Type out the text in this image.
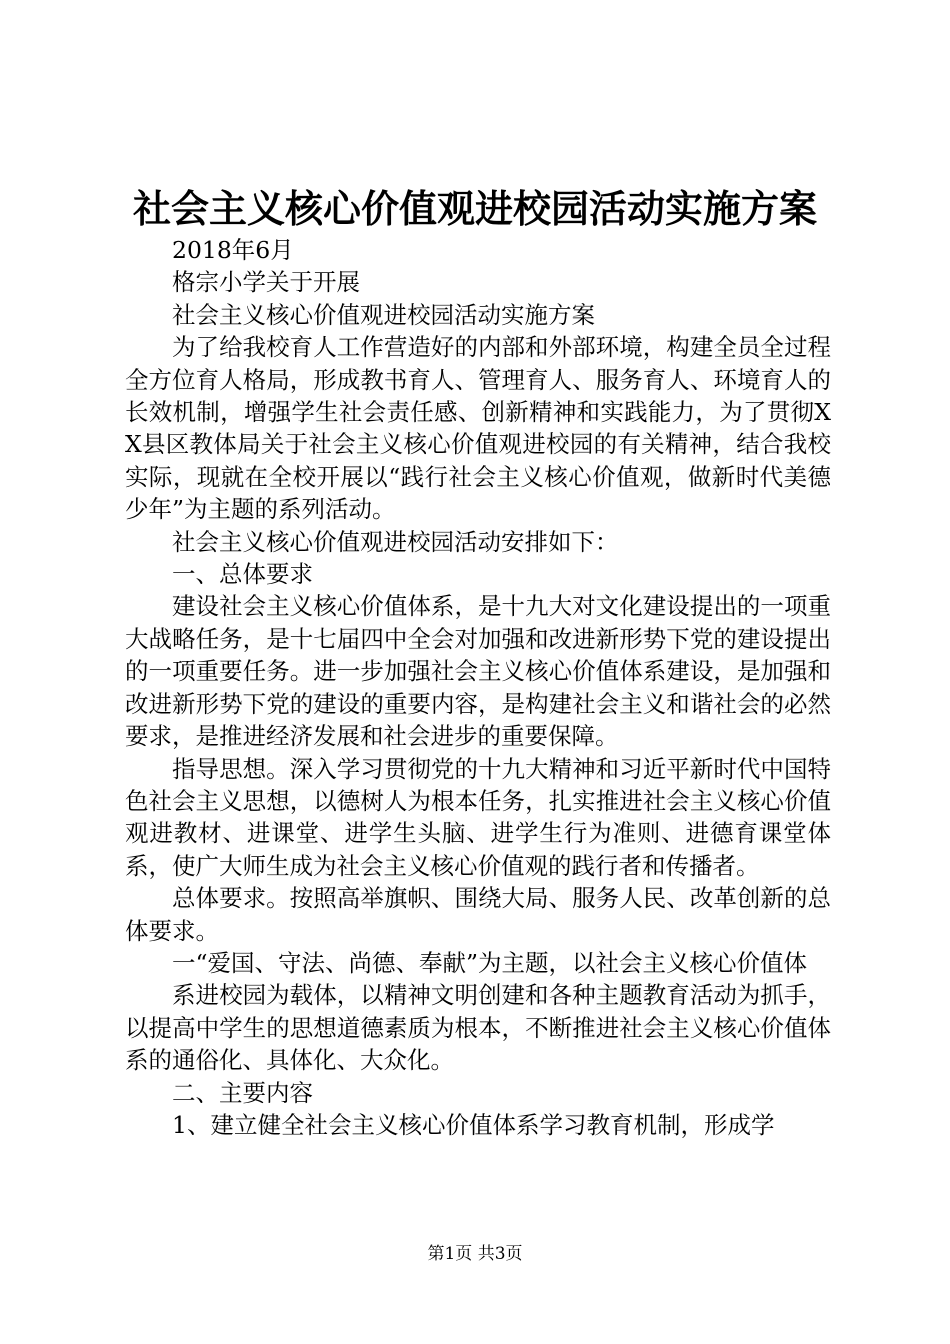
社会主义核心价值观进校园活动实施方案

2018年6月

格宗小学关于开展

社会主义核心价值观进校园活动实施方案

为了给我校育人工作营造好的内部和外部环境，构建全员全过程全方位育人格局，形成教书育人、管理育人、服务育人、环境育人的长效机制，增强学生社会责任感、创新精神和实践能力，为了贯彻XX县区教体局关于社会主义核心价值观进校园的有关精神，结合我校实际，现就在全校开展以“践行社会主义核心价值观，做新时代美德少年”为主题的系列活动。

社会主义核心价值观进校园活动安排如下：

一、总体要求

建设社会主义核心价值体系，是十九大对文化建设提出的一项重大战略任务，是十七届四中全会对加强和改进新形势下党的建设提出的一项重要任务。进一步加强社会主义核心价值体系建设，是加强和改进新形势下党的建设的重要内容，是构建社会主义和谐社会的必然要求，是推进经济发展和社会进步的重要保障。

指导思想。深入学习贯彻党的十九大精神和习近平新时代中国特色社会主义思想，以德树人为根本任务，扎实推进社会主义核心价值观进教材、进课堂、进学生头脑、进学生行为准则、进德育课堂体系，使广大师生成为社会主义核心价值观的践行者和传播者。

总体要求。按照高举旗帜、围绕大局、服务人民、改革创新的总体要求。

一“爱国、守法、尚德、奉献”为主题，以社会主义核心价值体

系进校园为载体，以精神文明创建和各种主题教育活动为抓手，以提高中学生的思想道德素质为根本，不断推进社会主义核心价值体系的通俗化、具体化、大众化。

二、主要内容

1、建立健全社会主义核心价值体系学习教育机制，形成学

第1页 共3页
